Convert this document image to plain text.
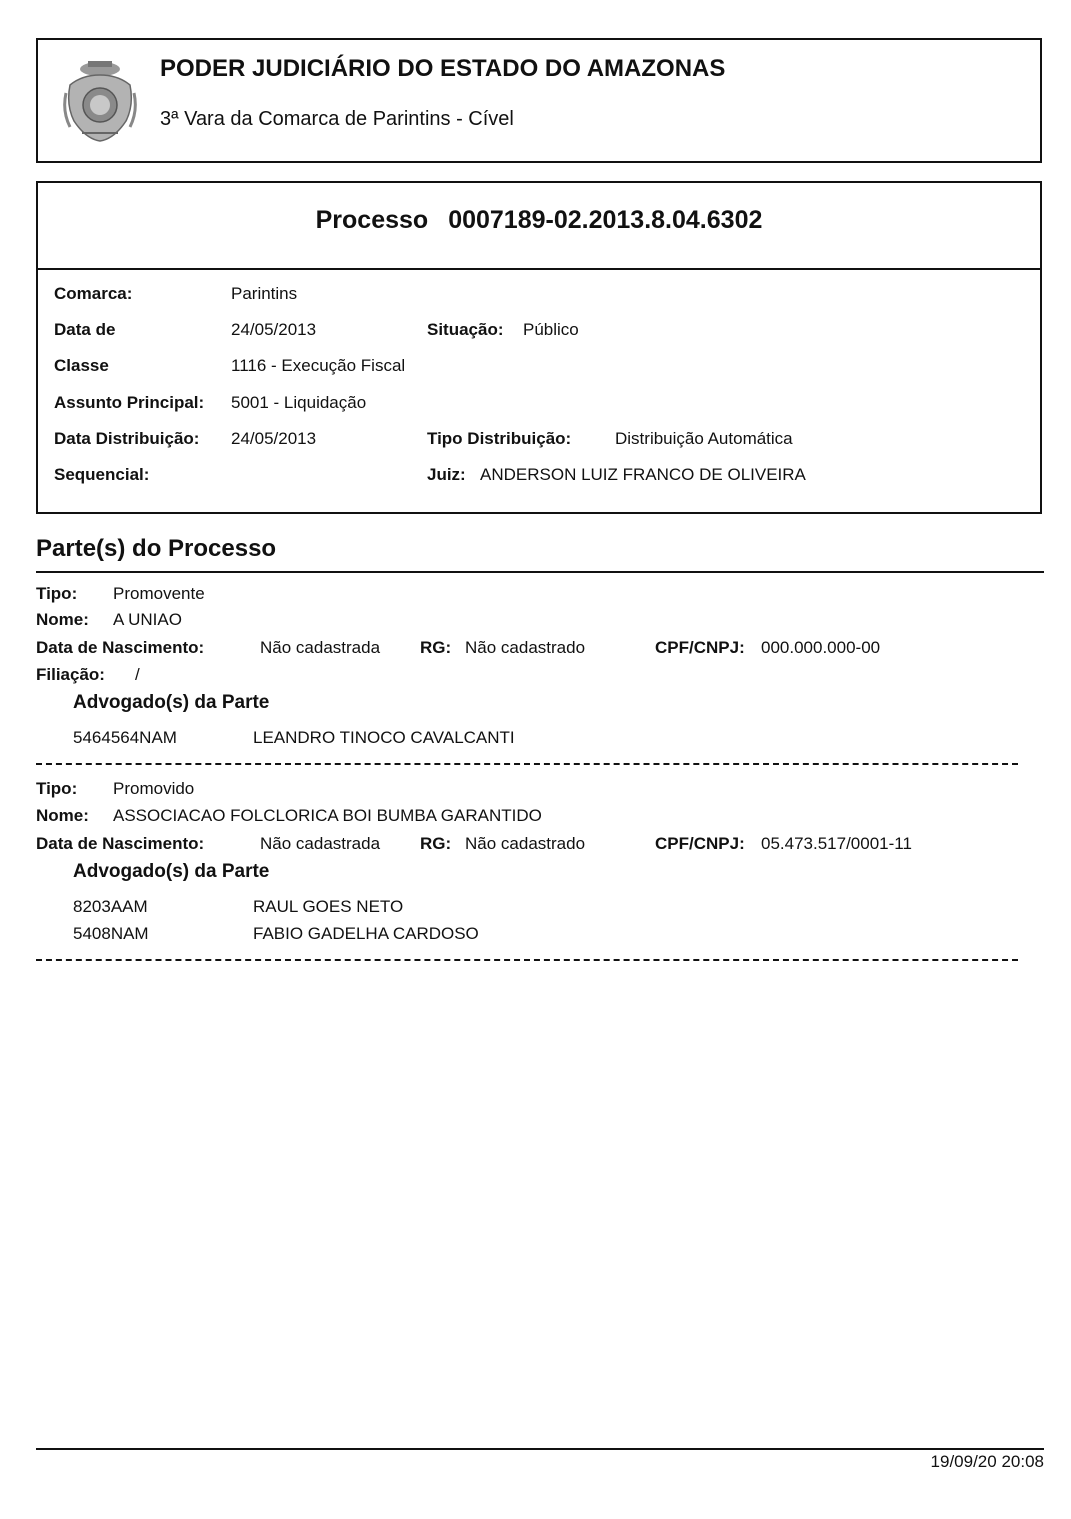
PODER JUDICIÁRIO DO ESTADO DO AMAZONAS
3ª Vara da Comarca de Parintins - Cível
Processo 0007189-02.2013.8.04.6302
Comarca:	Parintins
Data de	24/05/2013	Situação: Público
Classe	1116 - Execução Fiscal
Assunto Principal: 5001 - Liquidação
Data Distribuição: 24/05/2013	Tipo Distribuição:	Distribuição Automática
Sequencial:	Juiz: ANDERSON LUIZ FRANCO DE OLIVEIRA
Parte(s) do Processo
Tipo: Promovente
Nome: A UNIAO
Data de Nascimento:	Não cadastrada RG: Não cadastrado	CPF/CNPJ: 000.000.000-00
Filiação: /
Advogado(s) da Parte
5464564NAM	LEANDRO TINOCO CAVALCANTI
Tipo: Promovido
Nome: ASSOCIACAO FOLCLORICA BOI BUMBA GARANTIDO
Data de Nascimento:	Não cadastrada RG: Não cadastrado	CPF/CNPJ: 05.473.517/0001-11
Advogado(s) da Parte
8203AAM	RAUL GOES NETO
5408NAM	FABIO GADELHA CARDOSO
19/09/20 20:08
